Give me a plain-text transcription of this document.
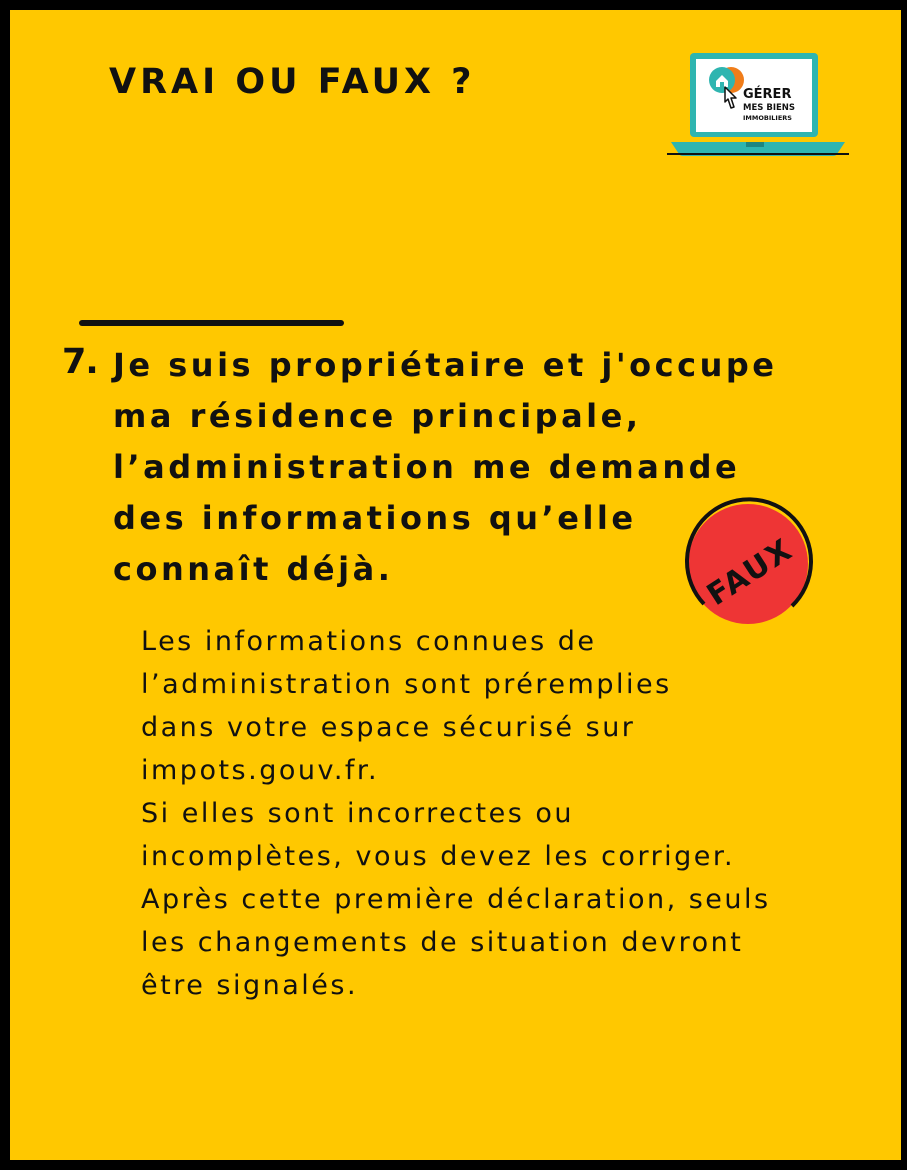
VRAI OU FAUX ?	GÉRER
MES BIENS
IMMOBILIERS
7. Je suis propriétaire et j'occupe
ma résidence principale,
l’administration me demande
des informations qu’elle
connaît déjà.	FAUX

Les informations connues de
l’administration sont préremplies
dans votre espace sécurisé sur
impots.gouv.fr.
Si elles sont incorrectes ou
incomplètes, vous devez les corriger.
Après cette première déclaration, seuls
les changements de situation devront
être signalés.
